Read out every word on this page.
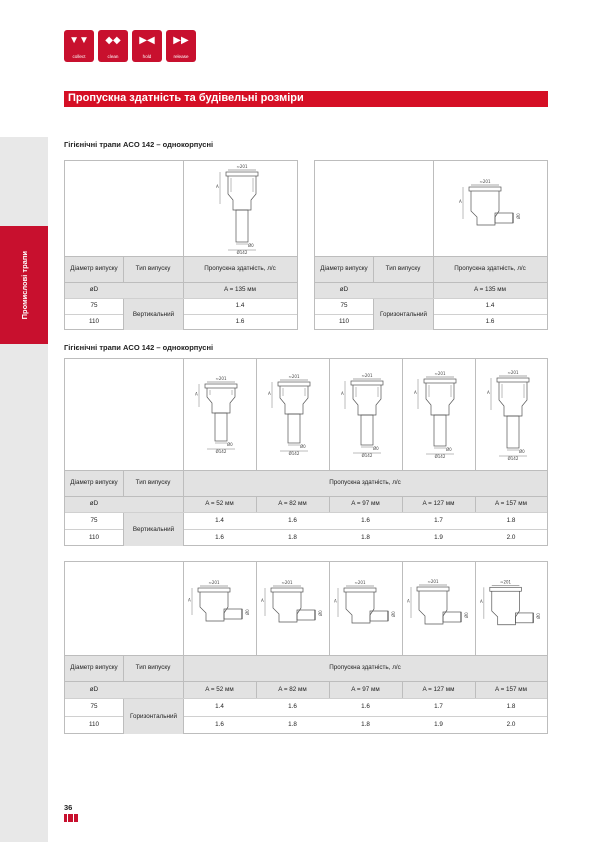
Промислові трапи
▼▼
collect
◆◆
clean
▶◀
hold
▶▶
release
Пропускна здатність та будівельні розміри
Гігієнічні трапи ACO 142 – однокорпусні
≈201
A
Ø0
Ø142
Діаметр випуску	Тип випуску	Пропускна здатність, л/с
øD	A = 135 мм
75	1.4
110	1.6
Вертикальний
≈201
Ø0
A
Діаметр випуску	Тип випуску	Пропускна здатність, л/с
øD	A = 135 мм
75	1.4
110	1.6
Горизонтальний
Гігієнічні трапи ACO 142 – однокорпусні
≈201
A
Ø0
Ø142
≈201
A
Ø0
Ø142
≈201
A
Ø0
Ø142
≈201
A
Ø0
Ø142
≈201
A
Ø0
Ø142
Діаметр випуску	Тип випуску	Пропускна здатність, л/с
øD	A = 52 мм	A = 82 мм	A = 97 мм	A = 127 мм	A = 157 мм
75	1.4	1.6	1.6	1.7	1.8
110	1.6	1.8	1.8	1.9	2.0
Вертикальний
≈201
Ø0
A
≈201
Ø0
A
≈201
Ø0
A
≈201
Ø0
A
≈201
Ø0
A
Діаметр випуску	Тип випуску	Пропускна здатність, л/с
øD	A = 52 мм	A = 82 мм	A = 97 мм	A = 127 мм	A = 157 мм
75	1.4	1.6	1.6	1.7	1.8
110	1.6	1.8	1.8	1.9	2.0
Горизонтальний
36
